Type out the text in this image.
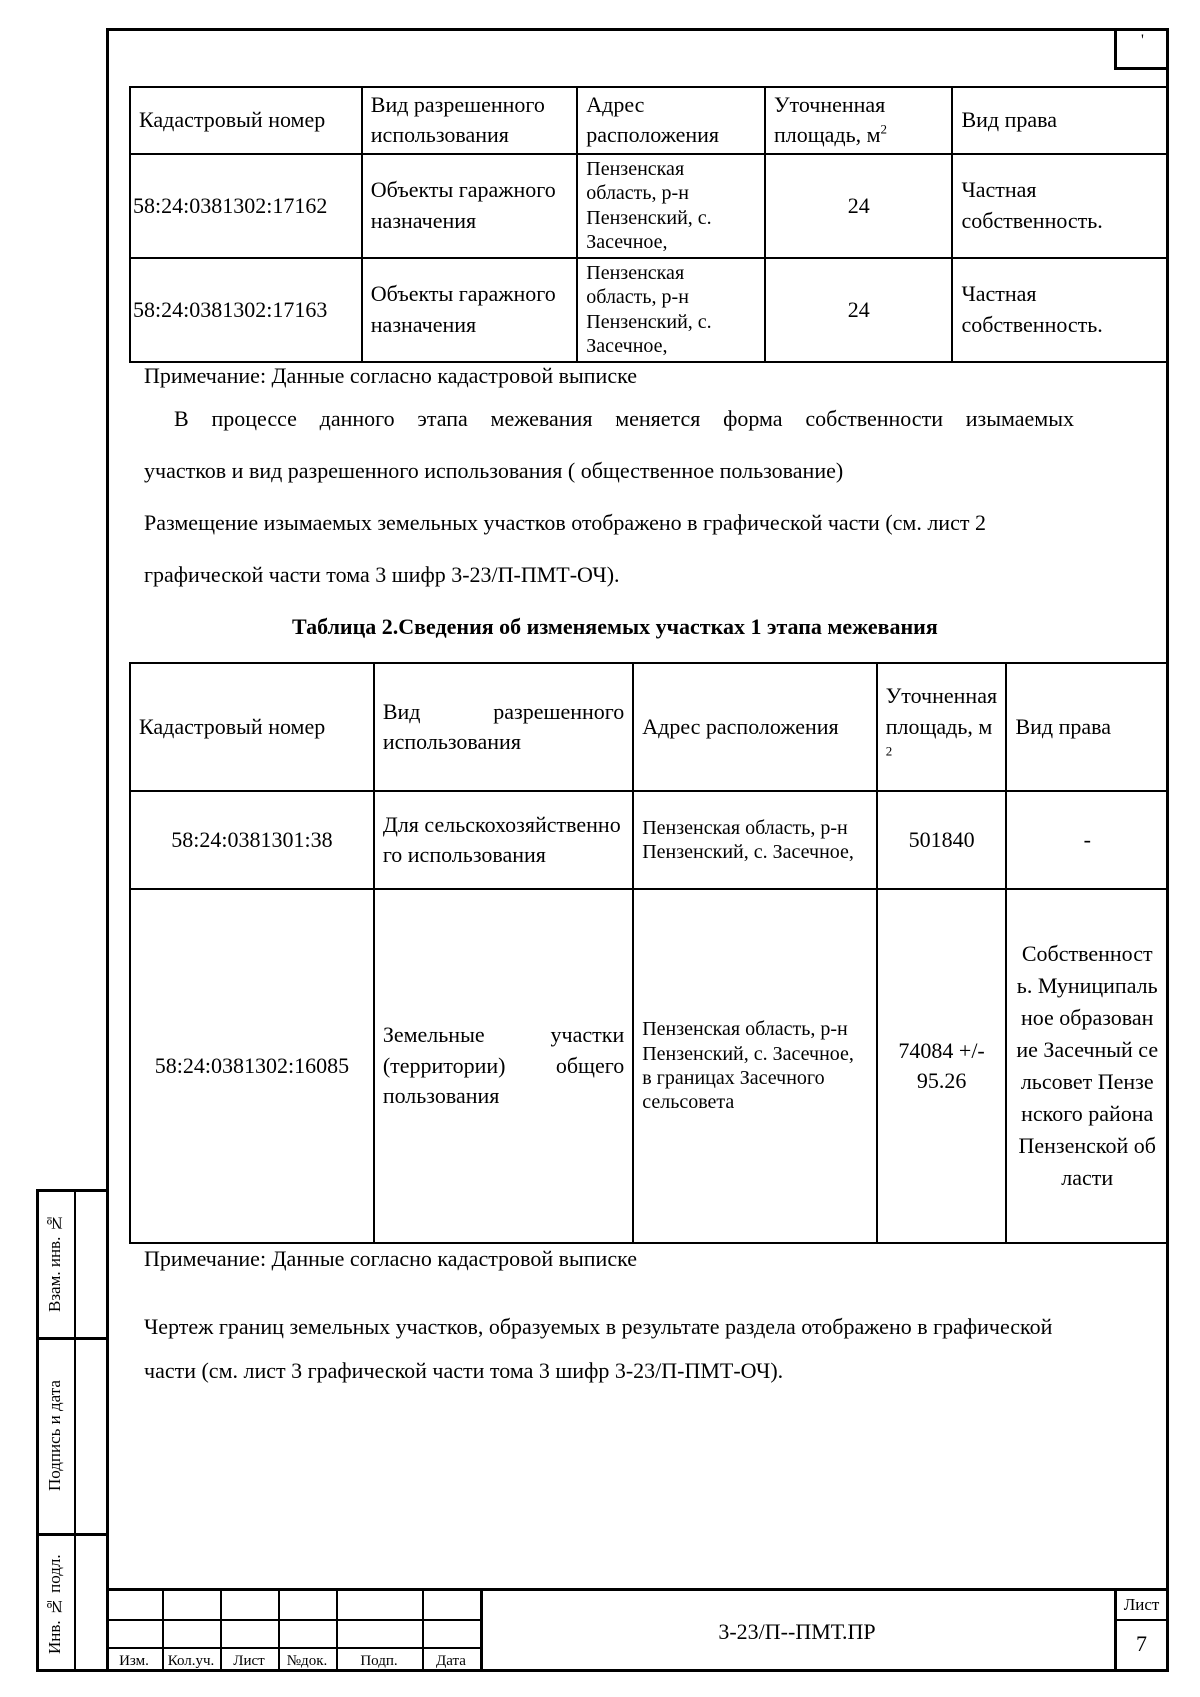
'
Взам. инв. №
Подпись и дата
Инв. № подл.
Кадастровый номер	Вид разрешенного использования	Адрес расположения	Уточненная площадь, $м^2$	Вид права
58:24:0381302:17162	Объекты гаражного назначения	Пензенская область, р-н Пензенский, с. Засечное,	24	Частная собственность.
58:24:0381302:17163	Объекты гаражного назначения	Пензенская область, р-н Пензенский, с. Засечное,	24	Частная собственность.
Примечание: Данные согласно кадастровой выписке
В процессе данного этапа межевания меняется форма собственности изымаемых
участков и вид разрешенного использования ( общественное пользование)
Размещение изымаемых земельных участков отображено в графической части (см. лист 2
графической части тома 3 шифр 3-23/П-ПМТ-ОЧ).
Таблица 2.Сведения об изменяемых участках 1 этапа межевания
Кадастровый номер	Вид разрешенного использования	Адрес расположения	Уточненная площадь, $м^2$	Вид права
58:24:0381301:38	Для сельскохозяйственного использования	Пензенская область, р-н Пензенский, с. Засечное,	501840	-
58:24:0381302:16085	Земельные участки (территории) общего пользования	Пензенская область, р-н Пензенский, с. Засечное, в границах Засечного сельсовета	74084 +/- 95.26	Собственность. Муниципальное образование Засечный сельсовет Пензенского района Пензенской области
Примечание: Данные согласно кадастровой выписке
Чертеж границ земельных участков, образуемых в результате раздела отображено в графической
части (см. лист 3 графической части тома 3 шифр 3-23/П-ПМТ-ОЧ).
Изм.	Кол.уч.	Лист	№док.	Подп.	Дата
3-23/П--ПМТ.ПР
Лист
7
